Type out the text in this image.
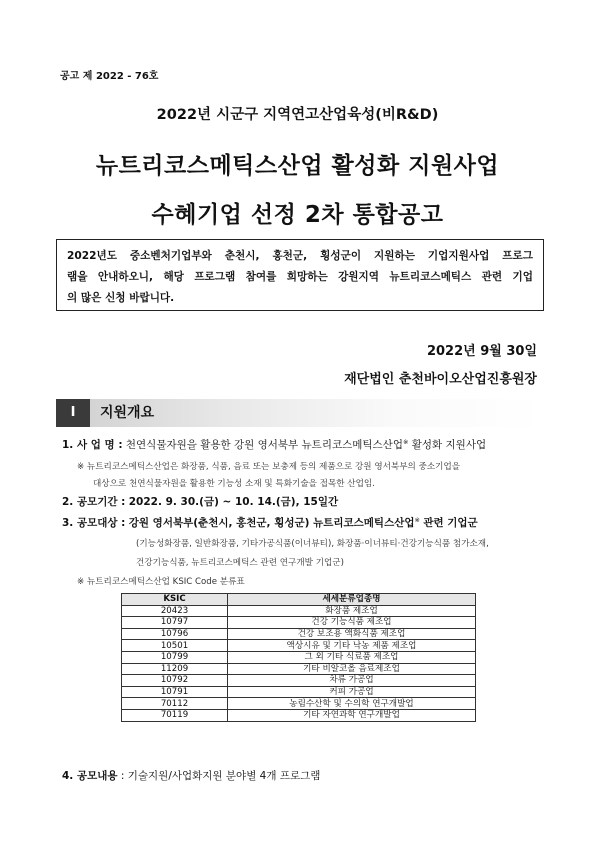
공고 제 2022 - 76호
2022년 시군구 지역연고산업육성(비R&D)
뉴트리코스메틱스산업 활성화 지원사업
수혜기업 선정 2차 통합공고
2022년도 중소벤처기업부와 춘천시, 홍천군, 횡성군이 지원하는 기업지원사업 프로그
램을 안내하오니, 해당 프로그램 참여를 희망하는 강원지역 뉴트리코스메틱스 관련 기업
의 많은 신청 바랍니다.
2022년 9월 30일
재단법인 춘천바이오산업진흥원장
Ⅰ	지원개요
1. 사 업 명 : 천연식물자원을 활용한 강원 영서북부 뉴트리코스메틱스산업※ 활성화 지원사업
※ 뉴트리코스메틱스산업은 화장품, 식품, 음료 또는 보충제 등의 제품으로 강원 영서북부의 중소기업을
대상으로 천연식물자원을 활용한 기능성 소재 및 특화기술을 접목한 산업임.
2. 공모기간 : 2022. 9. 30.(금) ~ 10. 14.(금), 15일간
3. 공모대상 : 강원 영서북부(춘천시, 홍천군, 횡성군) 뉴트리코스메틱스산업※ 관련 기업군
(기능성화장품, 일반화장품, 기타가공식품(이너뷰티), 화장품·이너뷰티·건강기능식품 첨가소재,
건강기능식품, 뉴트리코스메틱스 관련 연구개발 기업군)
※ 뉴트리코스메틱스산업 KSIC Code 분류표
KSIC	세세분류업종명
20423	화장품 제조업
10797	건강 기능식품 제조업
10796	건강 보조용 액화식품 제조업
10501	액상시유 및 기타 낙농 제품 제조업
10799	그 외 기타 식료품 제조업
11209	기타 비알코올 음료제조업
10792	차류 가공업
10791	커피 가공업
70112	농림수산학 및 수의학 연구개발업
70119	기타 자연과학 연구개발업
4. 공모내용 : 기술지원/사업화지원 분야별 4개 프로그램
